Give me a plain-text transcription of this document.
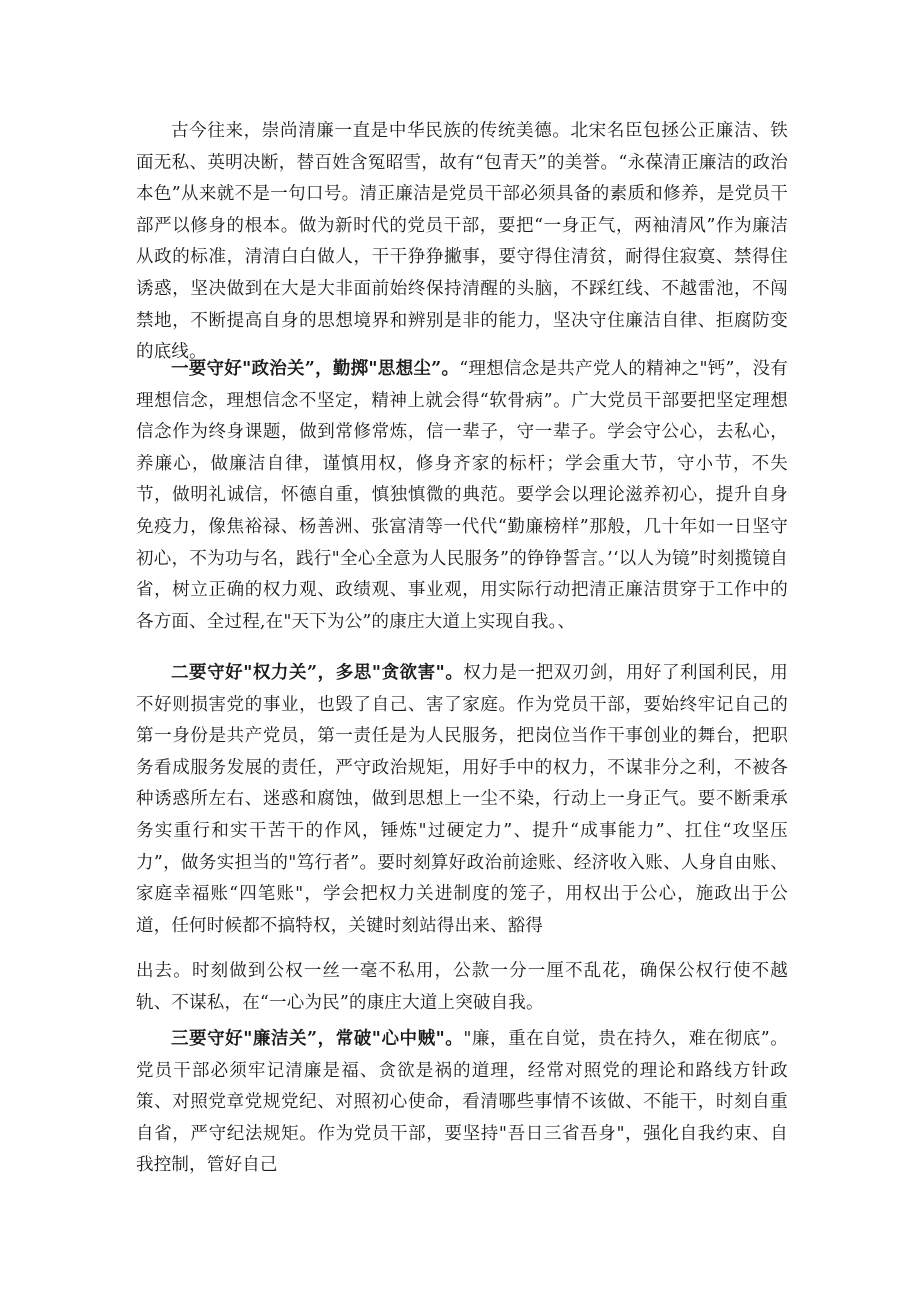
古今往来，崇尚清廉一直是中华民族的传统美德。北宋名臣包拯公正廉洁、铁面无私、英明决断，替百姓含冤昭雪，故有“包青天”的美誉。“永葆清正廉洁的政治本色”从来就不是一句口号。清正廉洁是党员干部必须具备的素质和修养，是党员干部严以修身的根本。做为新时代的党员干部，要把“一身正气，两袖清风”作为廉洁从政的标准，清清白白做人，干干狰狰撇事，要守得住清贫，耐得住寂寞、禁得住诱惑，坚决做到在大是大非面前始终保持清醒的头脑，不踩红线、不越雷池，不闯禁地，不断提高自身的思想境界和辨别是非的能力，坚决守住廉洁自律、拒腐防变的底线。

一要守好"政治关”，勤掷"思想尘”。“理想信念是共产党人的精神之"钙”，没有理想信念，理想信念不坚定，精神上就会得“软骨病”。广大党员干部要把坚定理想信念作为终身课题，做到常修常炼，信一辈子，守一辈子。学会守公心，去私心，养廉心，做廉洁自律，谨慎用权，修身齐家的标杆；学会重大节，守小节，不失节，做明礼诚信，怀德自重，慎独慎微的典范。要学会以理论滋养初心，提升自身免疫力，像焦裕禄、杨善洲、张富清等一代代“勤廉榜样”那般，几十年如一日坚守初心，不为功与名，践行"全心全意为人民服务”的铮铮誓言。’‘以人为镜”时刻揽镜自省，树立正确的权力观、政绩观、事业观，用实际行动把清正廉洁贯穿于工作中的各方面、全过程,在"天下为公”的康庄大道上实现自我。、

二要守好"权力关”，多思"贪欲害"。权力是一把双刃剑，用好了利国利民，用不好则损害党的事业，也毁了自己、害了家庭。作为党员干部，要始终牢记自己的第一身份是共产党员，第一责任是为人民服务，把岗位当作干事创业的舞台，把职务看成服务发展的责任，严守政治规矩，用好手中的权力，不谋非分之利，不被各种诱惑所左右、迷惑和腐蚀，做到思想上一尘不染，行动上一身正气。要不断秉承务实重行和实干苦干的作风，锤炼"过硬定力”、提升“成事能力”、扛住“攻坚压力”，做务实担当的"笃行者”。要时刻算好政治前途账、经济收入账、人身自由账、家庭幸福账“四笔账"，学会把权力关进制度的笼子，用权出于公心，施政出于公道，任何时候都不搞特权，关键时刻站得出来、豁得

出去。时刻做到公权一丝一毫不私用，公款一分一厘不乱花，确保公权行使不越轨、不谋私，在“一心为民”的康庄大道上突破自我。

三要守好"廉洁关”，常破"心中贼"。"廉，重在自觉，贵在持久，难在彻底”。党员干部必须牢记清廉是福、贪欲是祸的道理，经常对照党的理论和路线方针政策、对照党章党规党纪、对照初心使命，看清哪些事情不该做、不能干，时刻自重自省，严守纪法规矩。作为党员干部，要坚持"吾日三省吾身"，强化自我约束、自我控制，管好自己
